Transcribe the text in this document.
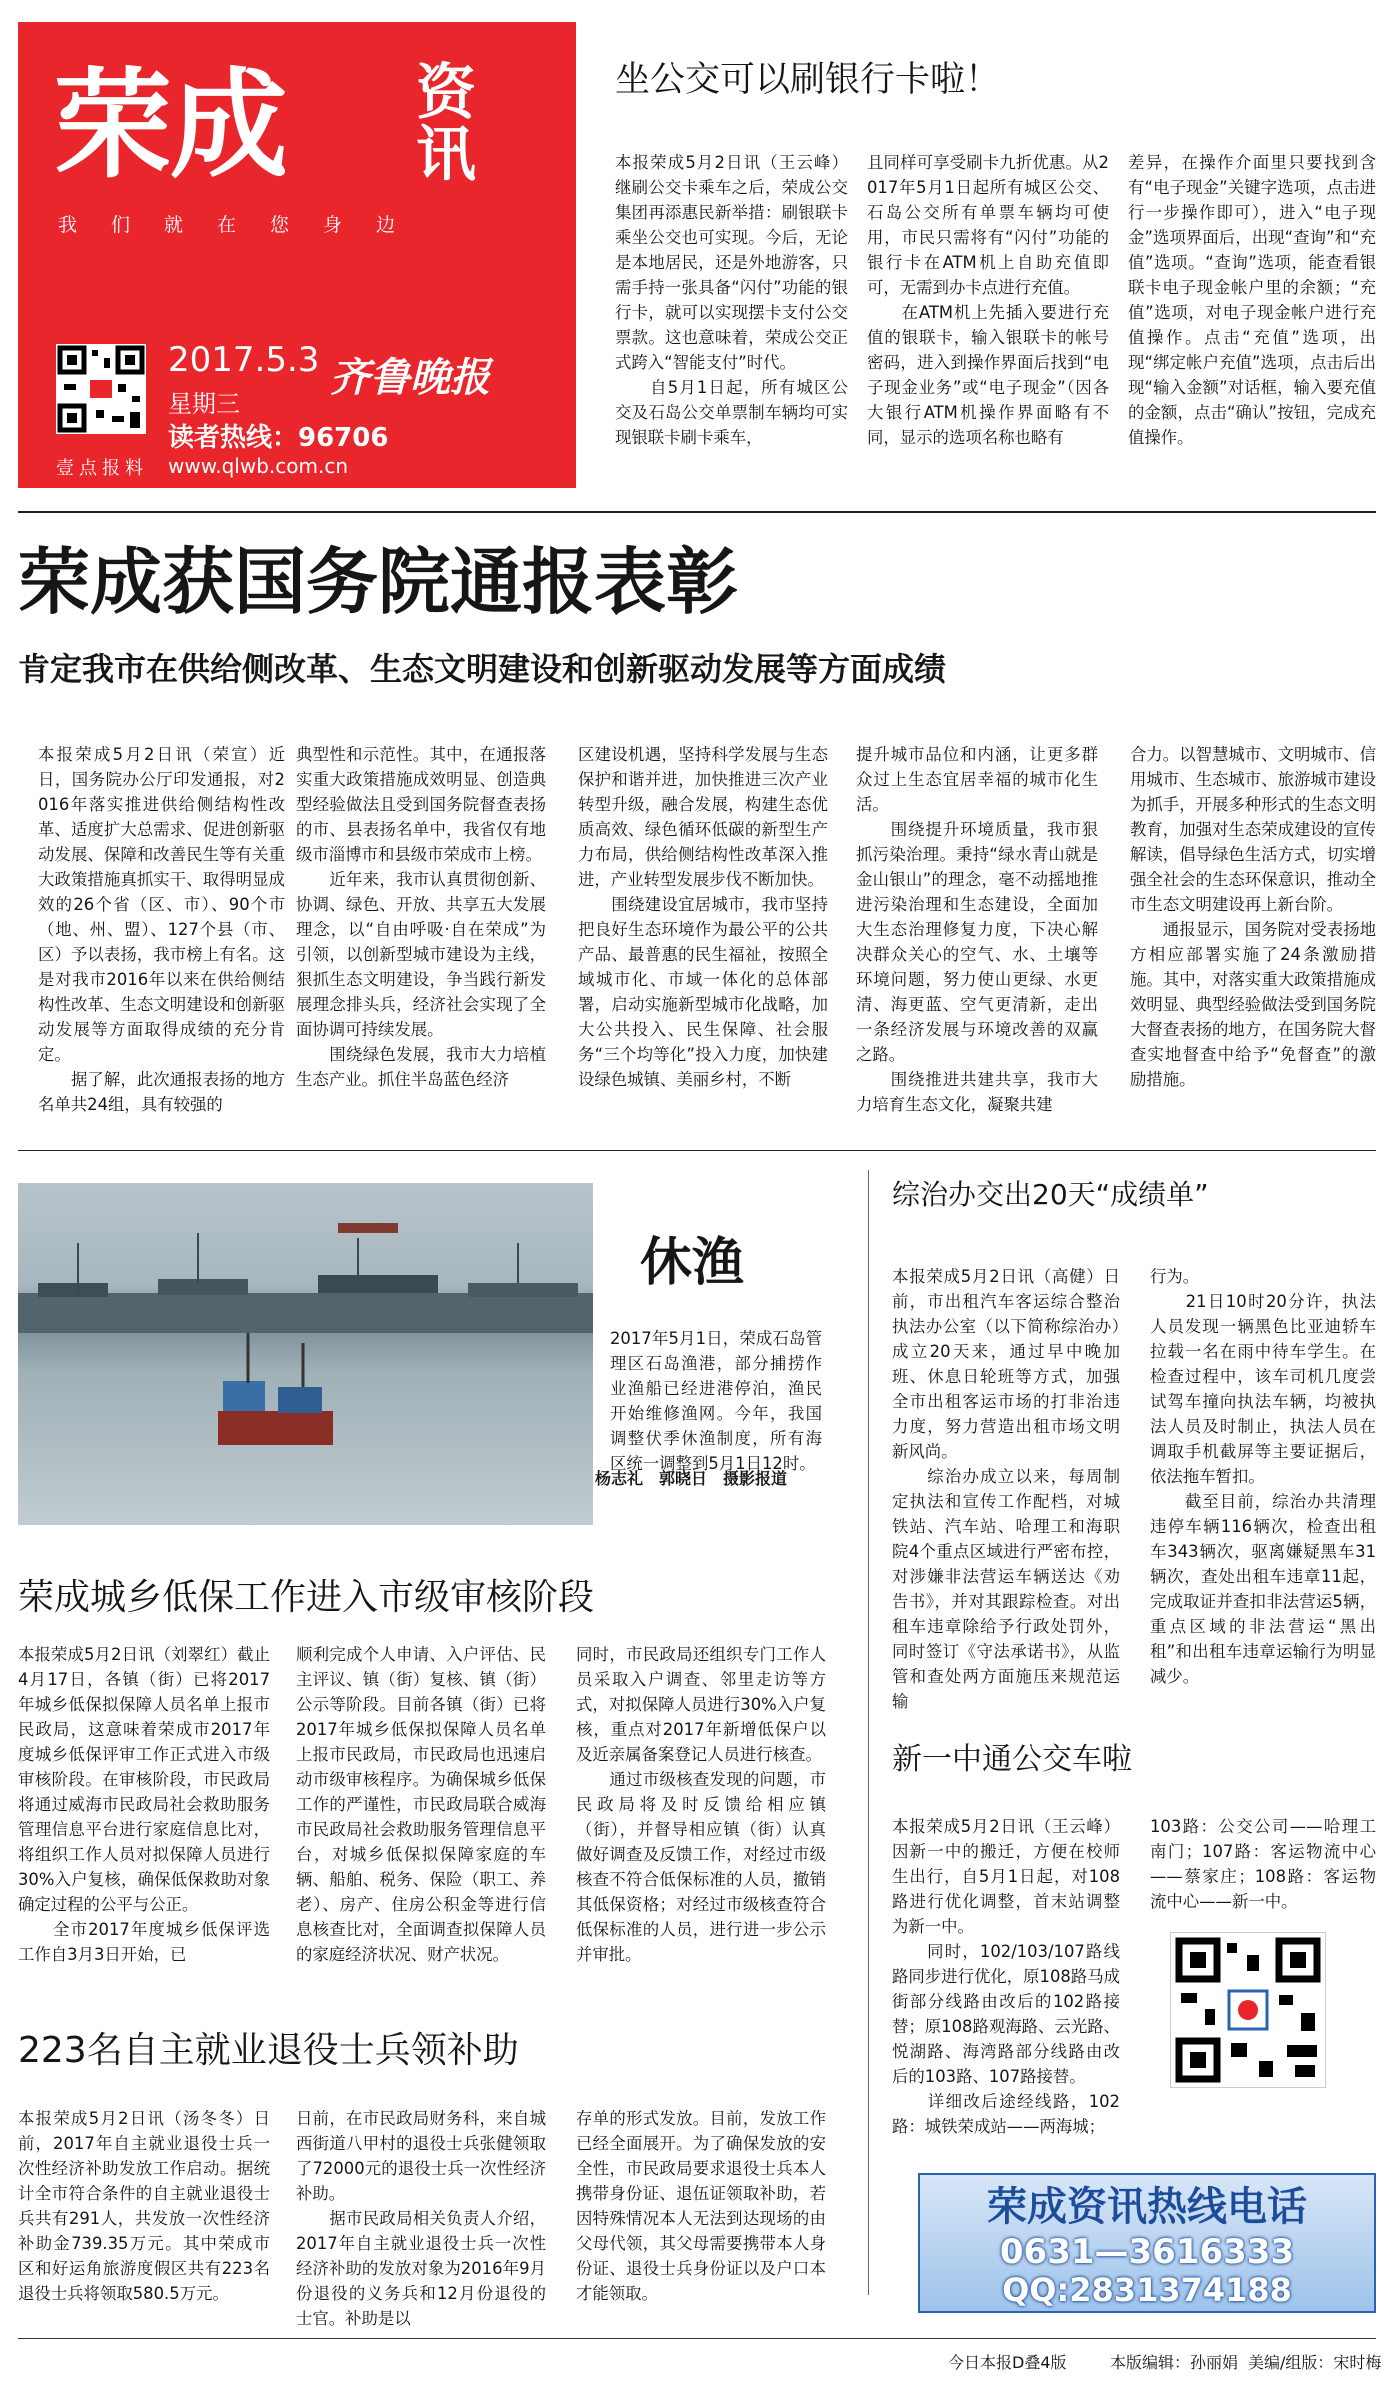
荣成 资讯
我们就在您身边
2017.5.3
星期三
齐鲁晚报
读者热线：96706
壹点报料 www.qlwb.com.cn
坐公交可以刷银行卡啦！
本报荣成5月2日讯（王云峰）继刷公交卡乘车之后，荣成公交集团再添惠民新举措：刷银联卡乘坐公交也可实现。今后，无论是本地居民，还是外地游客，只需手持一张具备“闪付”功能的银行卡，就可以实现摆卡支付公交票款。这也意味着，荣成公交正式跨入“智能支付”时代。
　　自5月1日起，所有城区公交及石岛公交单票制车辆均可实现银联卡刷卡乘车，
且同样可享受刷卡九折优惠。从2017年5月1日起所有城区公交、石岛公交所有单票车辆均可使用，市民只需将有“闪付”功能的银行卡在ATM机上自助充值即可，无需到办卡点进行充值。
　　在ATM机上先插入要进行充值的银联卡，输入银联卡的帐号密码，进入到操作界面后找到“电子现金业务”或“电子现金”（因各大银行ATM机操作界面略有不同，显示的选项名称也略有
差异，在操作介面里只要找到含有“电子现金”关键字选项，点击进行一步操作即可），进入“电子现金”选项界面后，出现“查询”和“充值”选项。“查询”选项，能查看银联卡电子现金帐户里的余额；“充值”选项，对电子现金帐户进行充值操作。点击“充值”选项，出现“绑定帐户充值”选项，点击后出现“输入金额”对话框，输入要充值的金额，点击“确认”按钮，完成充值操作。
荣成获国务院通报表彰
肯定我市在供给侧改革、生态文明建设和创新驱动发展等方面成绩
本报荣成5月2日讯（荣宣）近日，国务院办公厅印发通报，对2016年落实推进供给侧结构性改革、适度扩大总需求、促进创新驱动发展、保障和改善民生等有关重大政策措施真抓实干、取得明显成效的26个省（区、市）、90个市（地、州、盟）、127个县（市、区）予以表扬，我市榜上有名。这是对我市2016年以来在供给侧结构性改革、生态文明建设和创新驱动发展等方面取得成绩的充分肯定。
　　据了解，此次通报表扬的地方名单共24组，具有较强的
典型性和示范性。其中，在通报落实重大政策措施成效明显、创造典型经验做法且受到国务院督查表扬的市、县表扬名单中，我省仅有地级市淄博市和县级市荣成市上榜。
　　近年来，我市认真贯彻创新、协调、绿色、开放、共享五大发展理念，以“自由呼吸·自在荣成”为引领，以创新型城市建设为主线，狠抓生态文明建设，争当践行新发展理念排头兵，经济社会实现了全面协调可持续发展。
　　围绕绿色发展，我市大力培植生态产业。抓住半岛蓝色经济
区建设机遇，坚持科学发展与生态保护和谐并进，加快推进三次产业转型升级，融合发展，构建生态优质高效、绿色循环低碳的新型生产力布局，供给侧结构性改革深入推进，产业转型发展步伐不断加快。
　　围绕建设宜居城市，我市坚持把良好生态环境作为最公平的公共产品、最普惠的民生福祉，按照全域城市化、市域一体化的总体部署，启动实施新型城市化战略，加大公共投入、民生保障、社会服务“三个均等化”投入力度，加快建设绿色城镇、美丽乡村，不断
提升城市品位和内涵，让更多群众过上生态宜居幸福的城市化生活。
　　围绕提升环境质量，我市狠抓污染治理。秉持“绿水青山就是金山银山”的理念，毫不动摇地推进污染治理和生态建设，全面加大生态治理修复力度，下决心解决群众关心的空气、水、土壤等环境问题，努力使山更绿、水更清、海更蓝、空气更清新，走出一条经济发展与环境改善的双赢之路。
　　围绕推进共建共享，我市大力培育生态文化，凝聚共建
合力。以智慧城市、文明城市、信用城市、生态城市、旅游城市建设为抓手，开展多种形式的生态文明教育，加强对生态荣成建设的宣传解读，倡导绿色生活方式，切实增强全社会的生态环保意识，推动全市生态文明建设再上新台阶。
　　通报显示，国务院对受表扬地方相应部署实施了24条激励措施。其中，对落实重大政策措施成效明显、典型经验做法受到国务院大督查表扬的地方，在国务院大督查实地督查中给予“免督查”的激励措施。
休渔
2017年5月1日，荣成石岛管理区石岛渔港，部分捕捞作业渔船已经进港停泊，渔民开始维修渔网。今年，我国调整伏季休渔制度，所有海区统一调整到5月1日12时。
杨志礼　郭晓日　摄影报道
综治办交出20天“成绩单”
本报荣成5月2日讯（高健）日前，市出租汽车客运综合整治执法办公室（以下简称综治办）成立20天来，通过早中晚加班、休息日轮班等方式，加强全市出租客运市场的打非治违力度，努力营造出租市场文明新风尚。
　　综治办成立以来，每周制定执法和宣传工作配档，对城铁站、汽车站、哈理工和海职院4个重点区域进行严密布控，对涉嫌非法营运车辆送达《劝告书》，并对其跟踪检查。对出租车违章除给予行政处罚外，同时签订《守法承诺书》，从监管和查处两方面施压来规范运输
行为。
　　21日10时20分许，执法人员发现一辆黑色比亚迪轿车拉载一名在雨中待车学生。在检查过程中，该车司机几度尝试驾车撞向执法车辆，均被执法人员及时制止，执法人员在调取手机截屏等主要证据后，依法拖车暂扣。
　　截至目前，综治办共清理违停车辆116辆次，检查出租车343辆次，驱离嫌疑黑车31辆次，查处出租车违章11起，完成取证并查扣非法营运5辆，重点区域的非法营运“黑出租”和出租车违章运输行为明显减少。
荣成城乡低保工作进入市级审核阶段
本报荣成5月2日讯（刘翠红）截止4月17日，各镇（街）已将2017年城乡低保拟保障人员名单上报市民政局，这意味着荣成市2017年度城乡低保评审工作正式进入市级审核阶段。在审核阶段，市民政局将通过威海市民政局社会救助服务管理信息平台进行家庭信息比对，将组织工作人员对拟保障人员进行30%入户复核，确保低保救助对象确定过程的公平与公正。
　　全市2017年度城乡低保评选工作自3月3日开始，已
顺利完成个人申请、入户评估、民主评议、镇（街）复核、镇（街）公示等阶段。目前各镇（街）已将2017年城乡低保拟保障人员名单上报市民政局，市民政局也迅速启动市级审核程序。为确保城乡低保工作的严谨性，市民政局联合威海市民政局社会救助服务管理信息平台，对城乡低保拟保障家庭的车辆、船舶、税务、保险（职工、养老）、房产、住房公积金等进行信息核查比对，全面调查拟保障人员的家庭经济状况、财产状况。
同时，市民政局还组织专门工作人员采取入户调查、邻里走访等方式，对拟保障人员进行30%入户复核，重点对2017年新增低保户以及近亲属备案登记人员进行核查。
　　通过市级核查发现的问题，市民政局将及时反馈给相应镇（街），并督导相应镇（街）认真做好调查及反馈工作，对经过市级核查不符合低保标准的人员，撤销其低保资格；对经过市级核查符合低保标准的人员，进行进一步公示并审批。
新一中通公交车啦
本报荣成5月2日讯（王云峰）因新一中的搬迁，方便在校师生出行，自5月1日起，对108路进行优化调整，首末站调整为新一中。
　　同时，102/103/107路线路同步进行优化，原108路马成街部分线路由改后的102路接替；原108路观海路、云光路、悦湖路、海湾路部分线路由改后的103路、107路接替。
　　详细改后途经线路，102路：城铁荣成站——两海城；
103路：公交公司——哈理工南门；107路：客运物流中心——蔡家庄；108路：客运物流中心——新一中。
223名自主就业退役士兵领补助
本报荣成5月2日讯（汤冬冬）日前，2017年自主就业退役士兵一次性经济补助发放工作启动。据统计全市符合条件的自主就业退役士兵共有291人，共发放一次性经济补助金739.35万元。其中荣成市区和好运角旅游度假区共有223名退役士兵将领取580.5万元。
日前，在市民政局财务科，来自城西街道八甲村的退役士兵张健领取了72000元的退役士兵一次性经济补助。
　　据市民政局相关负责人介绍，2017年自主就业退役士兵一次性经济补助的发放对象为2016年9月份退役的义务兵和12月份退役的士官。补助是以
存单的形式发放。目前，发放工作已经全面展开。为了确保发放的安全性，市民政局要求退役士兵本人携带身份证、退伍证领取补助，若因特殊情况本人无法到达现场的由父母代领，其父母需要携带本人身份证、退役士兵身份证以及户口本才能领取。
荣成资讯热线电话
0631—3616333
QQ:2831374188
今日本报D叠4版	本版编辑：孙丽娟 美编/组版：宋时梅
